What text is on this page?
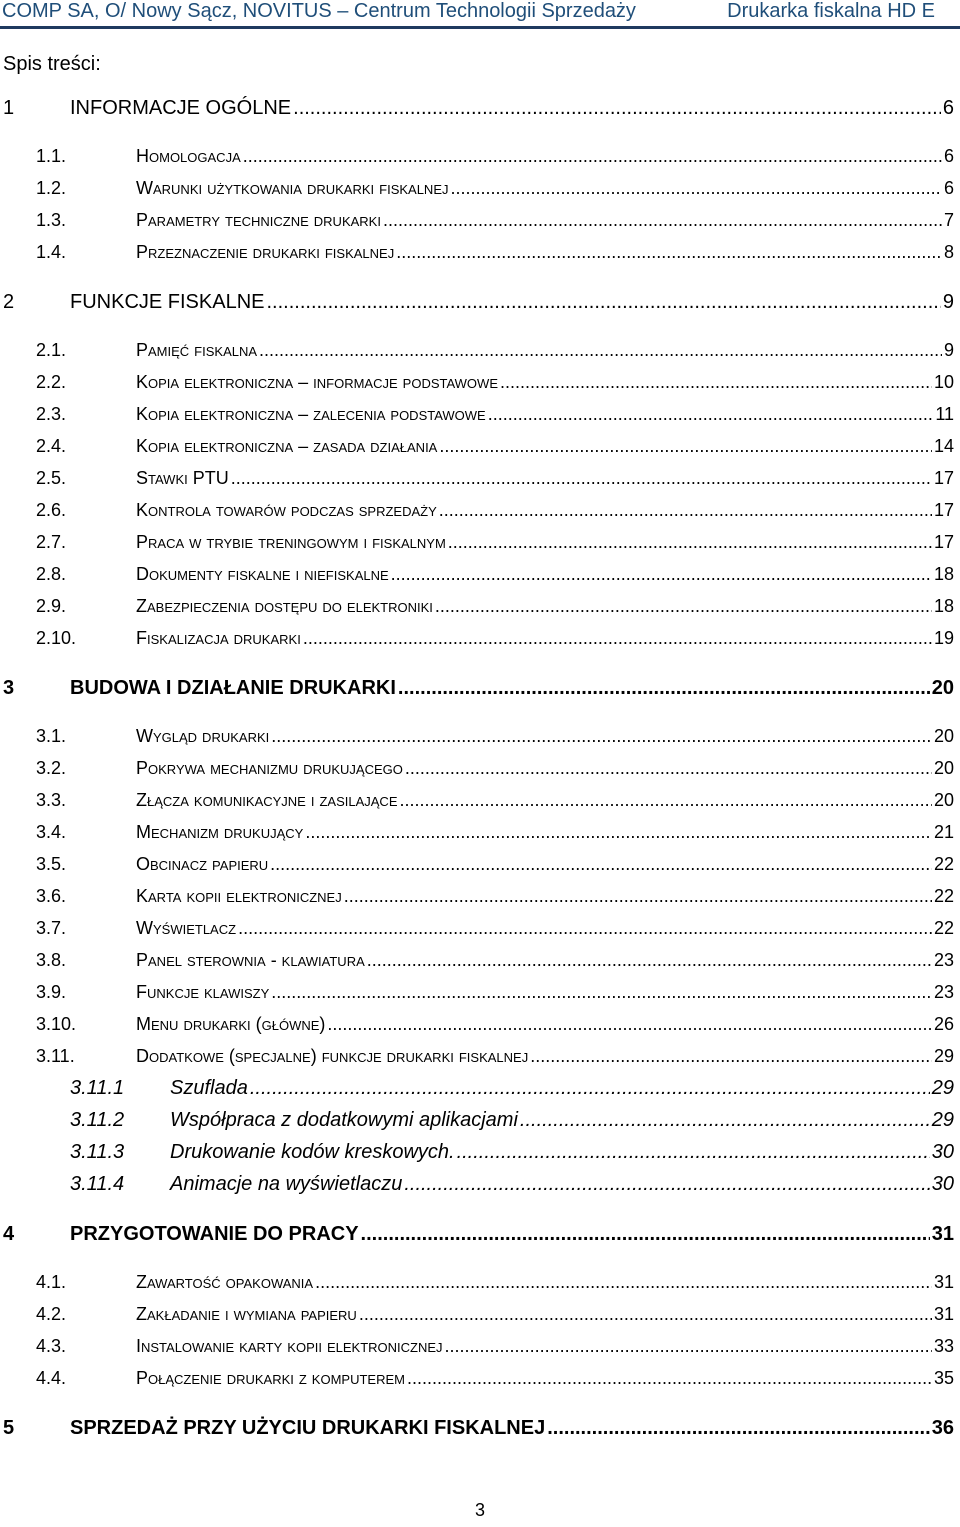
COMP SA, O/ Nowy Sącz, NOVITUS – Centrum Technologii Sprzedaży	Drukarka fiskalna HD E
Spis treści:
1	INFORMACJE OGÓLNE .....	6
1.1.	Homologacja .....	6
1.2.	Warunki użytkowania drukarki fiskalnej .....	6
1.3.	Parametry techniczne drukarki .....	7
1.4.	Przeznaczenie drukarki fiskalnej .....	8
2	FUNKCJE FISKALNE .....	9
2.1.	Pamięć fiskalna .....	9
2.2.	Kopia elektroniczna – informacje podstawowe .....	10
2.3.	Kopia elektroniczna – zalecenia podstawowe .....	11
2.4.	Kopia elektroniczna – zasada działania .....	14
2.5.	Stawki PTU .....	17
2.6.	Kontrola towarów podczas sprzedaży .....	17
2.7.	Praca w trybie treningowym i fiskalnym .....	17
2.8.	Dokumenty fiskalne i niefiskalne .....	18
2.9.	Zabezpieczenia dostępu do elektroniki .....	18
2.10.	Fiskalizacja drukarki .....	19
3	BUDOWA I DZIAŁANIE DRUKARKI .....	20
3.1.	Wygląd drukarki .....	20
3.2.	Pokrywa mechanizmu drukującego .....	20
3.3.	Złącza komunikacyjne i zasilające .....	20
3.4.	Mechanizm drukujący .....	21
3.5.	Obcinacz papieru .....	22
3.6.	Karta kopii elektronicznej .....	22
3.7.	Wyświetlacz .....	22
3.8.	Panel sterownia - klawiatura .....	23
3.9.	Funkcje klawiszy .....	23
3.10.	Menu drukarki (główne) .....	26
3.11.	Dodatkowe (specjalne) funkcje drukarki fiskalnej .....	29
3.11.1 Szuflada .....	29
3.11.2 Współpraca z dodatkowymi aplikacjami .....	29
3.11.3 Drukowanie kodów kreskowych. .....	30
3.11.4 Animacje na wyświetlaczu .....	30
4	PRZYGOTOWANIE DO PRACY .....	31
4.1.	Zawartość opakowania .....	31
4.2.	Zakładanie i wymiana papieru .....	31
4.3.	Instalowanie karty kopii elektronicznej .....	33
4.4.	Połączenie drukarki z komputerem .....	35
5	SPRZEDAŻ PRZY UŻYCIU DRUKARKI FISKALNEJ .....	36
3
